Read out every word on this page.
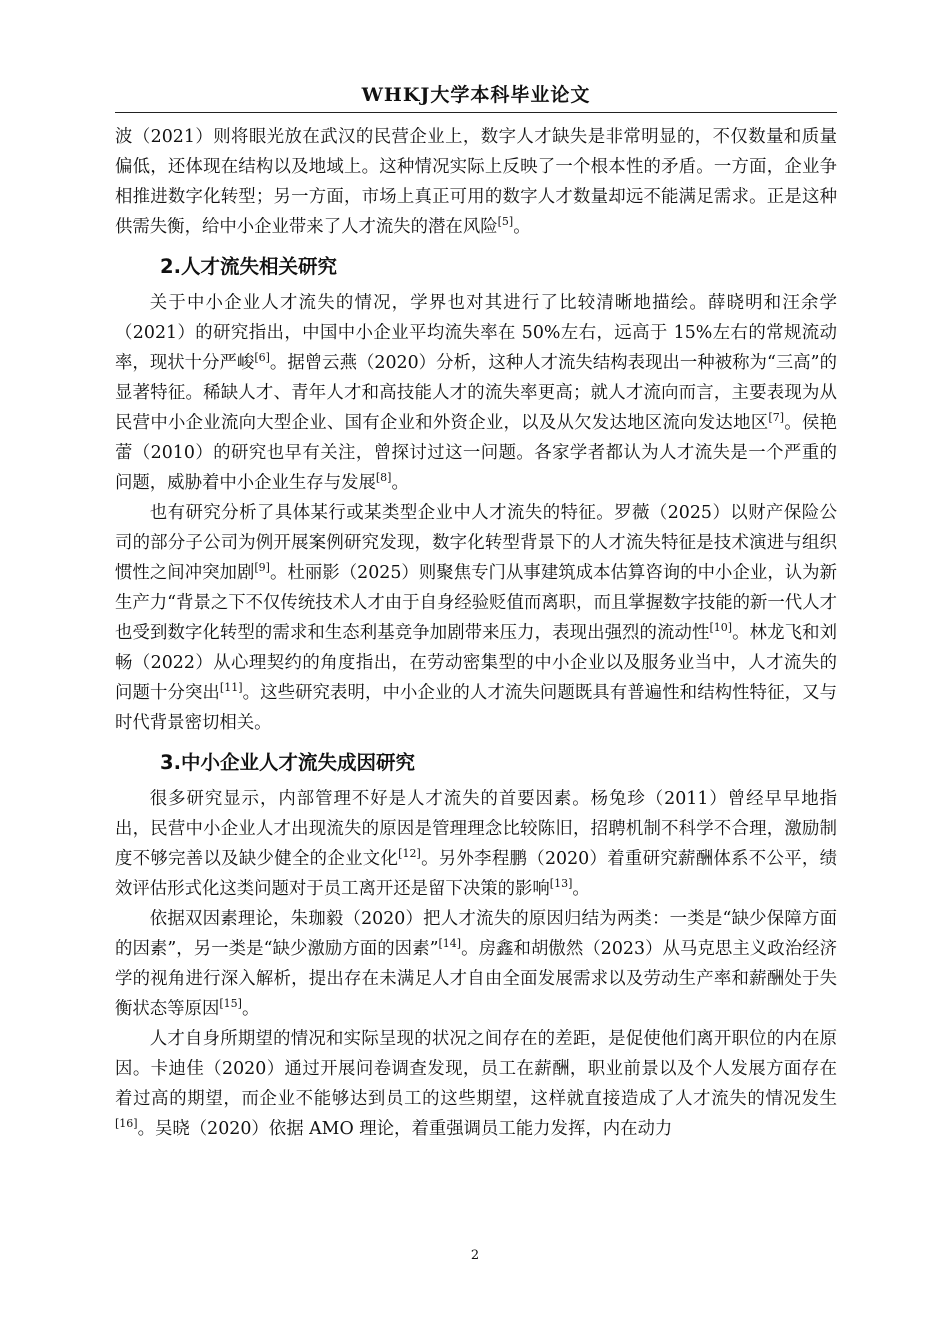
WHKJ大学本科毕业论文

波（2021）则将眼光放在武汉的民营企业上，数字人才缺失是非常明显的，不仅数量和质量偏低，还体现在结构以及地域上。这种情况实际上反映了一个根本性的矛盾。一方面，企业争相推进数字化转型；另一方面，市场上真正可用的数字人才数量却远不能满足需求。正是这种供需失衡，给中小企业带来了人才流失的潜在风险[5]。

2.人才流失相关研究

关于中小企业人才流失的情况，学界也对其进行了比较清晰地描绘。薛晓明和汪余学（2021）的研究指出，中国中小企业平均流失率在 50%左右，远高于 15%左右的常规流动率，现状十分严峻[6]。据曾云燕（2020）分析，这种人才流失结构表现出一种被称为“三高”的显著特征。稀缺人才、青年人才和高技能人才的流失率更高；就人才流向而言，主要表现为从民营中小企业流向大型企业、国有企业和外资企业，以及从欠发达地区流向发达地区[7]。侯艳蕾（2010）的研究也早有关注，曾探讨过这一问题。各家学者都认为人才流失是一个严重的问题，威胁着中小企业生存与发展[8]。

也有研究分析了具体某行或某类型企业中人才流失的特征。罗薇（2025）以财产保险公司的部分子公司为例开展案例研究发现，数字化转型背景下的人才流失特征是技术演进与组织惯性之间冲突加剧[9]。杜丽影（2025）则聚焦专门从事建筑成本估算咨询的中小企业，认为新生产力“背景之下不仅传统技术人才由于自身经验贬值而离职，而且掌握数字技能的新一代人才也受到数字化转型的需求和生态利基竞争加剧带来压力，表现出强烈的流动性[10]。林龙飞和刘畅（2022）从心理契约的角度指出，在劳动密集型的中小企业以及服务业当中，人才流失的问题十分突出[11]。这些研究表明，中小企业的人才流失问题既具有普遍性和结构性特征，又与时代背景密切相关。

3.中小企业人才流失成因研究

很多研究显示，内部管理不好是人才流失的首要因素。杨兔珍（2011）曾经早早地指出，民营中小企业人才出现流失的原因是管理理念比较陈旧，招聘机制不科学不合理，激励制度不够完善以及缺少健全的企业文化[12]。另外李程鹏（2020）着重研究薪酬体系不公平，绩效评估形式化这类问题对于员工离开还是留下决策的影响[13]。

依据双因素理论，朱珈毅（2020）把人才流失的原因归结为两类：一类是“缺少保障方面的因素”，另一类是“缺少激励方面的因素”[14]。房鑫和胡傲然（2023）从马克思主义政治经济学的视角进行深入解析，提出存在未满足人才自由全面发展需求以及劳动生产率和薪酬处于失衡状态等原因[15]。

人才自身所期望的情况和实际呈现的状况之间存在的差距，是促使他们离开职位的内在原因。卡迪佳（2020）通过开展问卷调查发现，员工在薪酬，职业前景以及个人发展方面存在着过高的期望，而企业不能够达到员工的这些期望，这样就直接造成了人才流失的情况发生[16]。吴晓（2020）依据 AMO 理论，着重强调员工能力发挥，内在动力

2
